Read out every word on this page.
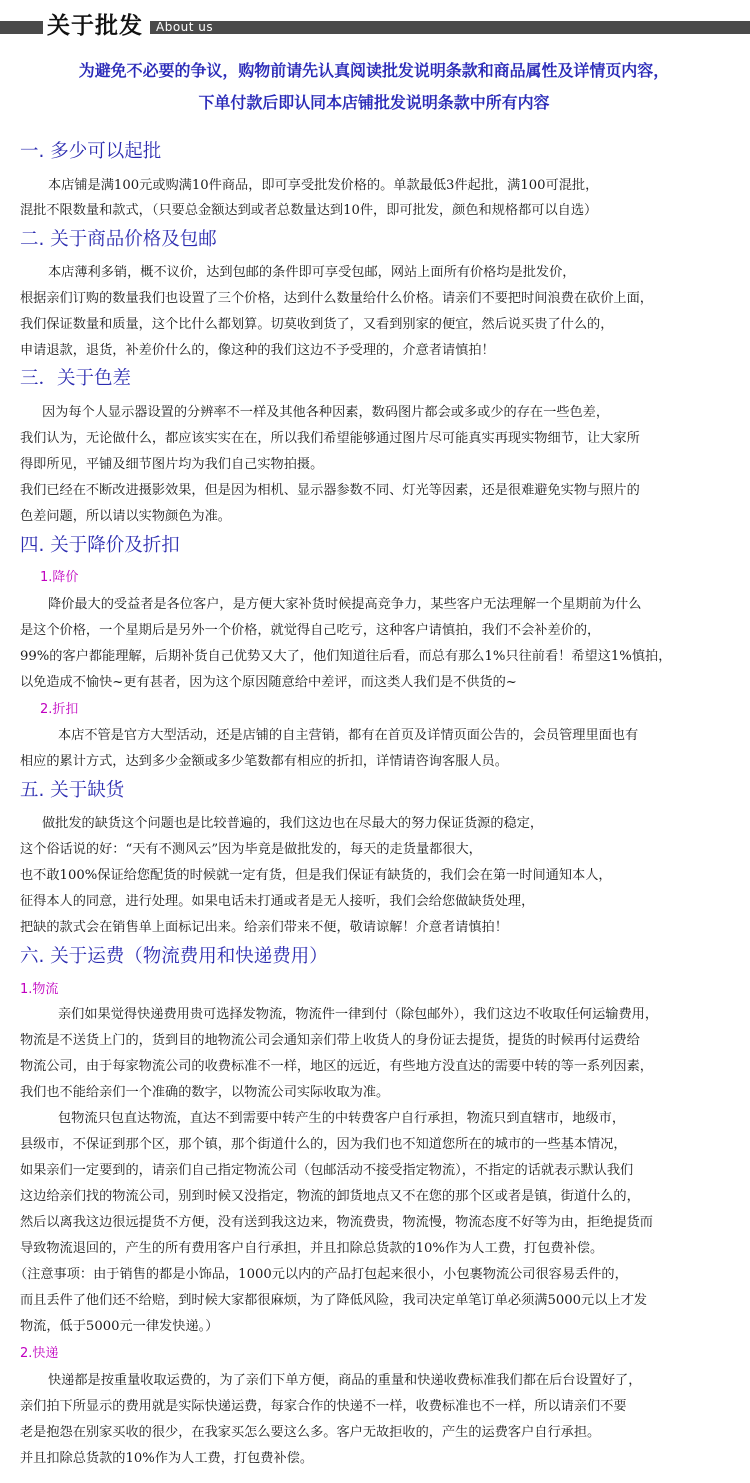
关于批发 About us
为避免不必要的争议，购物前请先认真阅读批发说明条款和商品属性及详情页内容，
下单付款后即认同本店铺批发说明条款中所有内容
一. 多少可以起批
本店铺是满100元或购满10件商品，即可享受批发价格的。单款最低3件起批，满100可混批，
混批不限数量和款式，（只要总金额达到或者总数量达到10件，即可批发，颜色和规格都可以自选）
二. 关于商品价格及包邮
本店薄利多销，概不议价，达到包邮的条件即可享受包邮，网站上面所有价格均是批发价，
根据亲们订购的数量我们也设置了三个价格，达到什么数量给什么价格。请亲们不要把时间浪费在砍价上面，
我们保证数量和质量，这个比什么都划算。切莫收到货了，又看到别家的便宜，然后说买贵了什么的，
申请退款，退货，补差价什么的，像这种的我们这边不予受理的，介意者请慎拍！
三．关于色差
因为每个人显示器设置的分辨率不一样及其他各种因素，数码图片都会或多或少的存在一些色差，
我们认为，无论做什么，都应该实实在在，所以我们希望能够通过图片尽可能真实再现实物细节，让大家所
得即所见，平铺及细节图片均为我们自己实物拍摄。
我们已经在不断改进摄影效果，但是因为相机、显示器参数不同、灯光等因素，还是很难避免实物与照片的
色差问题，所以请以实物颜色为准。
四. 关于降价及折扣
1.降价
降价最大的受益者是各位客户，是方便大家补货时候提高竞争力，某些客户无法理解一个星期前为什么
是这个价格，一个星期后是另外一个价格，就觉得自己吃亏，这种客户请慎拍，我们不会补差价的，
99%的客户都能理解，后期补货自己优势又大了，他们知道往后看，而总有那么1%只往前看！希望这1%慎拍，
以免造成不愉快~更有甚者，因为这个原因随意给中差评，而这类人我们是不供货的~
2.折扣
本店不管是官方大型活动，还是店铺的自主营销，都有在首页及详情页面公告的，会员管理里面也有
相应的累计方式，达到多少金额或多少笔数都有相应的折扣，详情请咨询客服人员。
五. 关于缺货
做批发的缺货这个问题也是比较普遍的，我们这边也在尽最大的努力保证货源的稳定，
这个俗话说的好：“天有不测风云”因为毕竟是做批发的，每天的走货量都很大，
也不敢100%保证给您配货的时候就一定有货，但是我们保证有缺货的，我们会在第一时间通知本人，
征得本人的同意，进行处理。如果电话未打通或者是无人接听，我们会给您做缺货处理，
把缺的款式会在销售单上面标记出来。给亲们带来不便，敬请谅解！介意者请慎拍！
六. 关于运费（物流费用和快递费用）
1.物流
亲们如果觉得快递费用贵可选择发物流，物流件一律到付（除包邮外），我们这边不收取任何运输费用，
物流是不送货上门的，货到目的地物流公司会通知亲们带上收货人的身份证去提货，提货的时候再付运费给
物流公司，由于每家物流公司的收费标准不一样，地区的远近，有些地方没直达的需要中转的等一系列因素，
我们也不能给亲们一个准确的数字，以物流公司实际收取为准。
包物流只包直达物流，直达不到需要中转产生的中转费客户自行承担，物流只到直辖市，地级市，
县级市，不保证到那个区，那个镇，那个街道什么的，因为我们也不知道您所在的城市的一些基本情况，
如果亲们一定要到的，请亲们自己指定物流公司（包邮活动不接受指定物流），不指定的话就表示默认我们
这边给亲们找的物流公司，别到时候又没指定，物流的卸货地点又不在您的那个区或者是镇，街道什么的，
然后以离我这边很远提货不方便，没有送到我这边来，物流费贵，物流慢，物流态度不好等为由，拒绝提货而
导致物流退回的，产生的所有费用客户自行承担，并且扣除总货款的10%作为人工费，打包费补偿。
（注意事项：由于销售的都是小饰品，1000元以内的产品打包起来很小，小包裹物流公司很容易丢件的，
而且丢件了他们还不给赔，到时候大家都很麻烦，为了降低风险，我司决定单笔订单必须满5000元以上才发
物流，低于5000元一律发快递。）
2.快递
快递都是按重量收取运费的，为了亲们下单方便，商品的重量和快递收费标准我们都在后台设置好了，
亲们拍下所显示的费用就是实际快递运费，每家合作的快递不一样，收费标准也不一样，所以请亲们不要
老是抱怨在别家买收的很少，在我家买怎么要这么多。客户无故拒收的，产生的运费客户自行承担。
并且扣除总货款的10%作为人工费，打包费补偿。
